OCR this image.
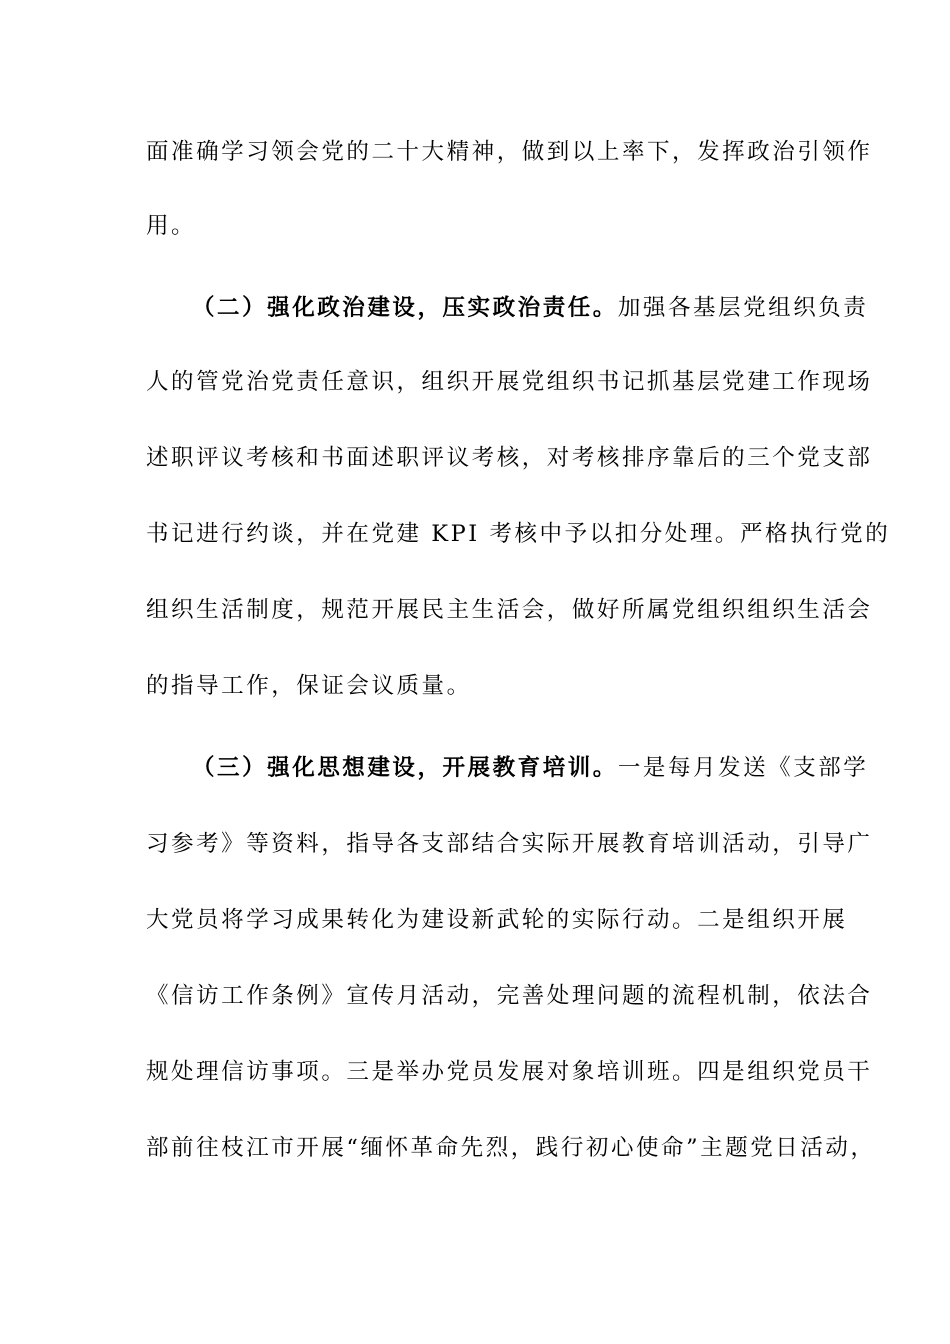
面准确学习领会党的二十大精神，做到以上率下，发挥政治引领作
用。
（二）强化政治建设，压实政治责任。加强各基层党组织负责
人的管党治党责任意识，组织开展党组织书记抓基层党建工作现场
述职评议考核和书面述职评议考核，对考核排序靠后的三个党支部
书记进行约谈，并在党建 KPI 考核中予以扣分处理。严格执行党的
组织生活制度，规范开展民主生活会，做好所属党组织组织生活会
的指导工作，保证会议质量。
（三）强化思想建设，开展教育培训。一是每月发送《支部学
习参考》等资料，指导各支部结合实际开展教育培训活动，引导广
大党员将学习成果转化为建设新武轮的实际行动。二是组织开展
《信访工作条例》宣传月活动，完善处理问题的流程机制，依法合
规处理信访事项。三是举办党员发展对象培训班。四是组织党员干
部前往枝江市开展“缅怀革命先烈，践行初心使命”主题党日活动，
